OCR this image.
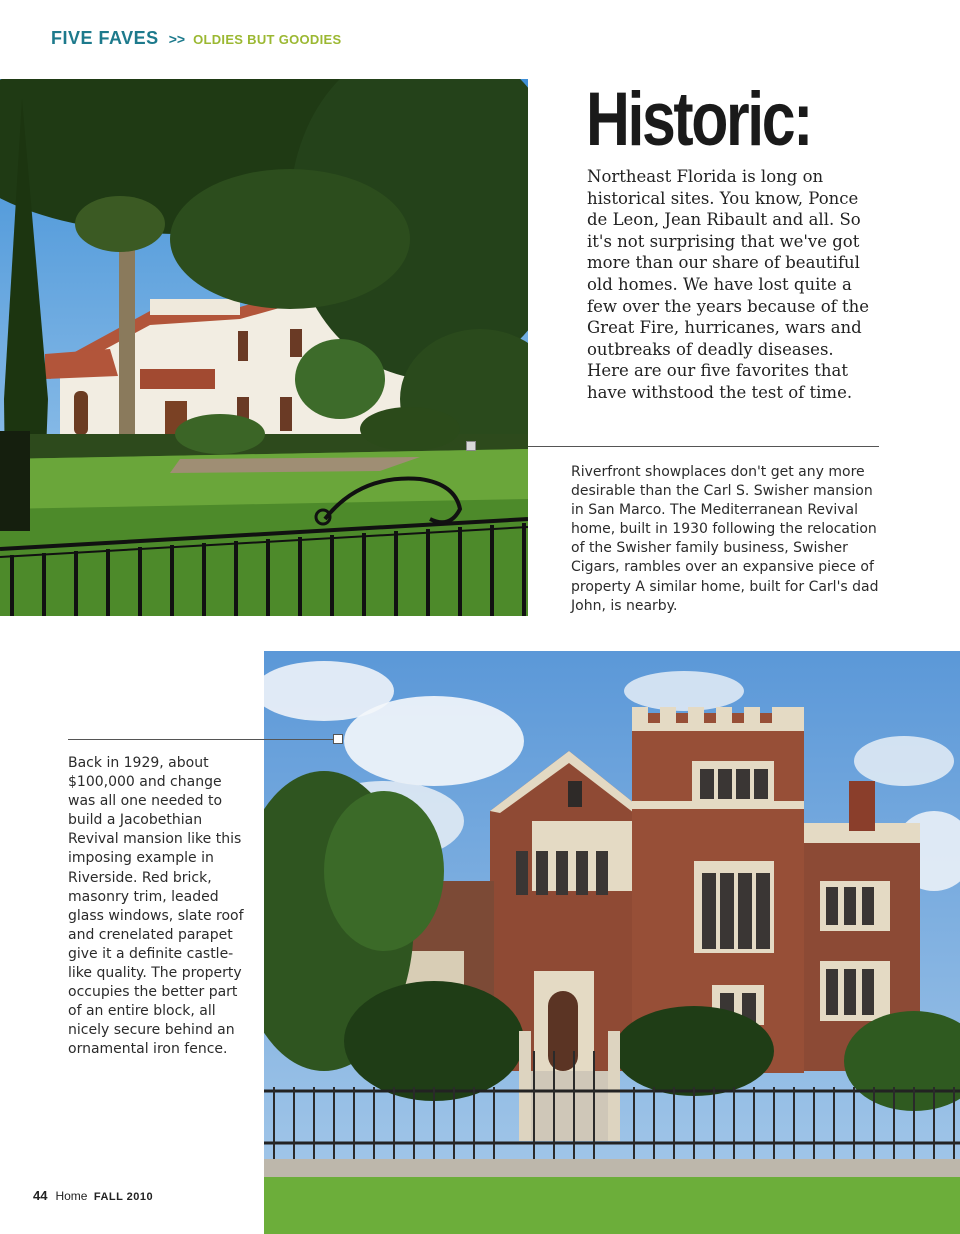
FIVE FAVES >> OLDIES BUT GOODIES
Historic:

Northeast Florida is long on historical sites. You know, Ponce de Leon, Jean Ribault and all. So it's not surprising that we've got more than our share of beautiful old homes. We have lost quite a few over the years because of the Great Fire, hurricanes, wars and outbreaks of deadly diseases. Here are our five favorites that have withstood the test of time.

Riverfront showplaces don't get any more desirable than the Carl S. Swisher mansion in San Marco. The Mediterranean Revival home, built in 1930 following the relocation of the Swisher family business, Swisher Cigars, rambles over an expansive piece of property A similar home, built for Carl's dad John, is nearby.

Back in 1929, about $100,000 and change was all one needed to build a Jacobethian Revival mansion like this imposing example in Riverside. Red brick, masonry trim, leaded glass windows, slate roof and crenelated parapet give it a definite castle-like quality. The property occupies the better part of an entire block, all nicely secure behind an ornamental iron fence.

44 Home FALL 2010
